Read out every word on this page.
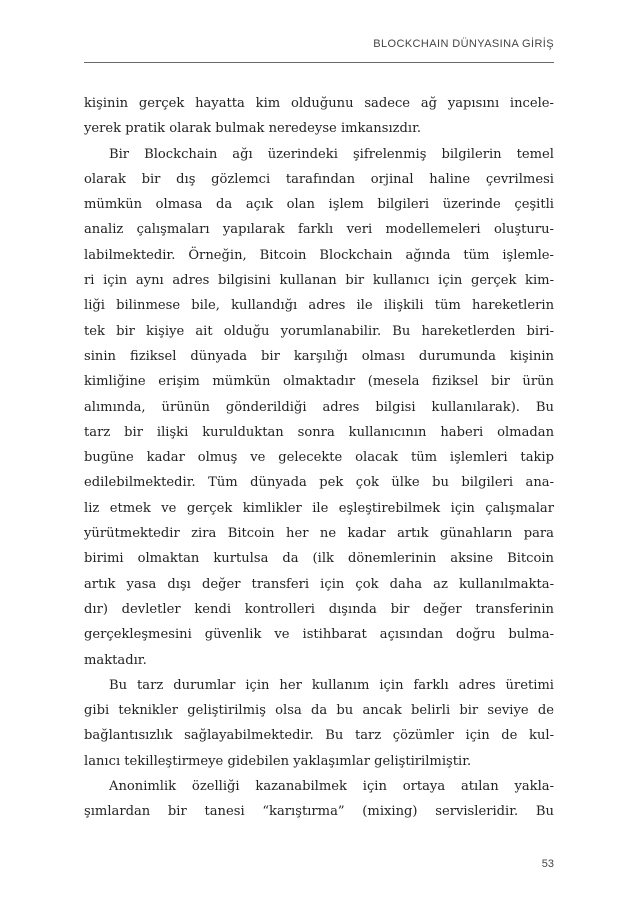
BLOCKCHAIN DÜNYASINA GİRİŞ
kişinin gerçek hayatta kim olduğunu sadece ağ yapısını incele-
yerek pratik olarak bulmak neredeyse imkansızdır.
Bir Blockchain ağı üzerindeki şifrelenmiş bilgilerin temel
olarak bir dış gözlemci tarafından orjinal haline çevrilmesi
mümkün olmasa da açık olan işlem bilgileri üzerinde çeşitli
analiz çalışmaları yapılarak farklı veri modellemeleri oluşturu-
labilmektedir. Örneğin, Bitcoin Blockchain ağında tüm işlemle-
ri için aynı adres bilgisini kullanan bir kullanıcı için gerçek kim-
liği bilinmese bile, kullandığı adres ile ilişkili tüm hareketlerin
tek bir kişiye ait olduğu yorumlanabilir. Bu hareketlerden biri-
sinin fiziksel dünyada bir karşılığı olması durumunda kişinin
kimliğine erişim mümkün olmaktadır (mesela fiziksel bir ürün
alımında, ürünün gönderildiği adres bilgisi kullanılarak). Bu
tarz bir ilişki kurulduktan sonra kullanıcının haberi olmadan
bugüne kadar olmuş ve gelecekte olacak tüm işlemleri takip
edilebilmektedir. Tüm dünyada pek çok ülke bu bilgileri ana-
liz etmek ve gerçek kimlikler ile eşleştirebilmek için çalışmalar
yürütmektedir zira Bitcoin her ne kadar artık günahların para
birimi olmaktan kurtulsa da (ilk dönemlerinin aksine Bitcoin
artık yasa dışı değer transferi için çok daha az kullanılmakta-
dır) devletler kendi kontrolleri dışında bir değer transferinin
gerçekleşmesini güvenlik ve istihbarat açısından doğru bulma-
maktadır.
Bu tarz durumlar için her kullanım için farklı adres üretimi
gibi teknikler geliştirilmiş olsa da bu ancak belirli bir seviye de
bağlantısızlık sağlayabilmektedir. Bu tarz çözümler için de kul-
lanıcı tekilleştirmeye gidebilen yaklaşımlar geliştirilmiştir.
Anonimlik özelliği kazanabilmek için ortaya atılan yakla-
şımlardan bir tanesi “karıştırma” (mixing) servisleridir. Bu
53
